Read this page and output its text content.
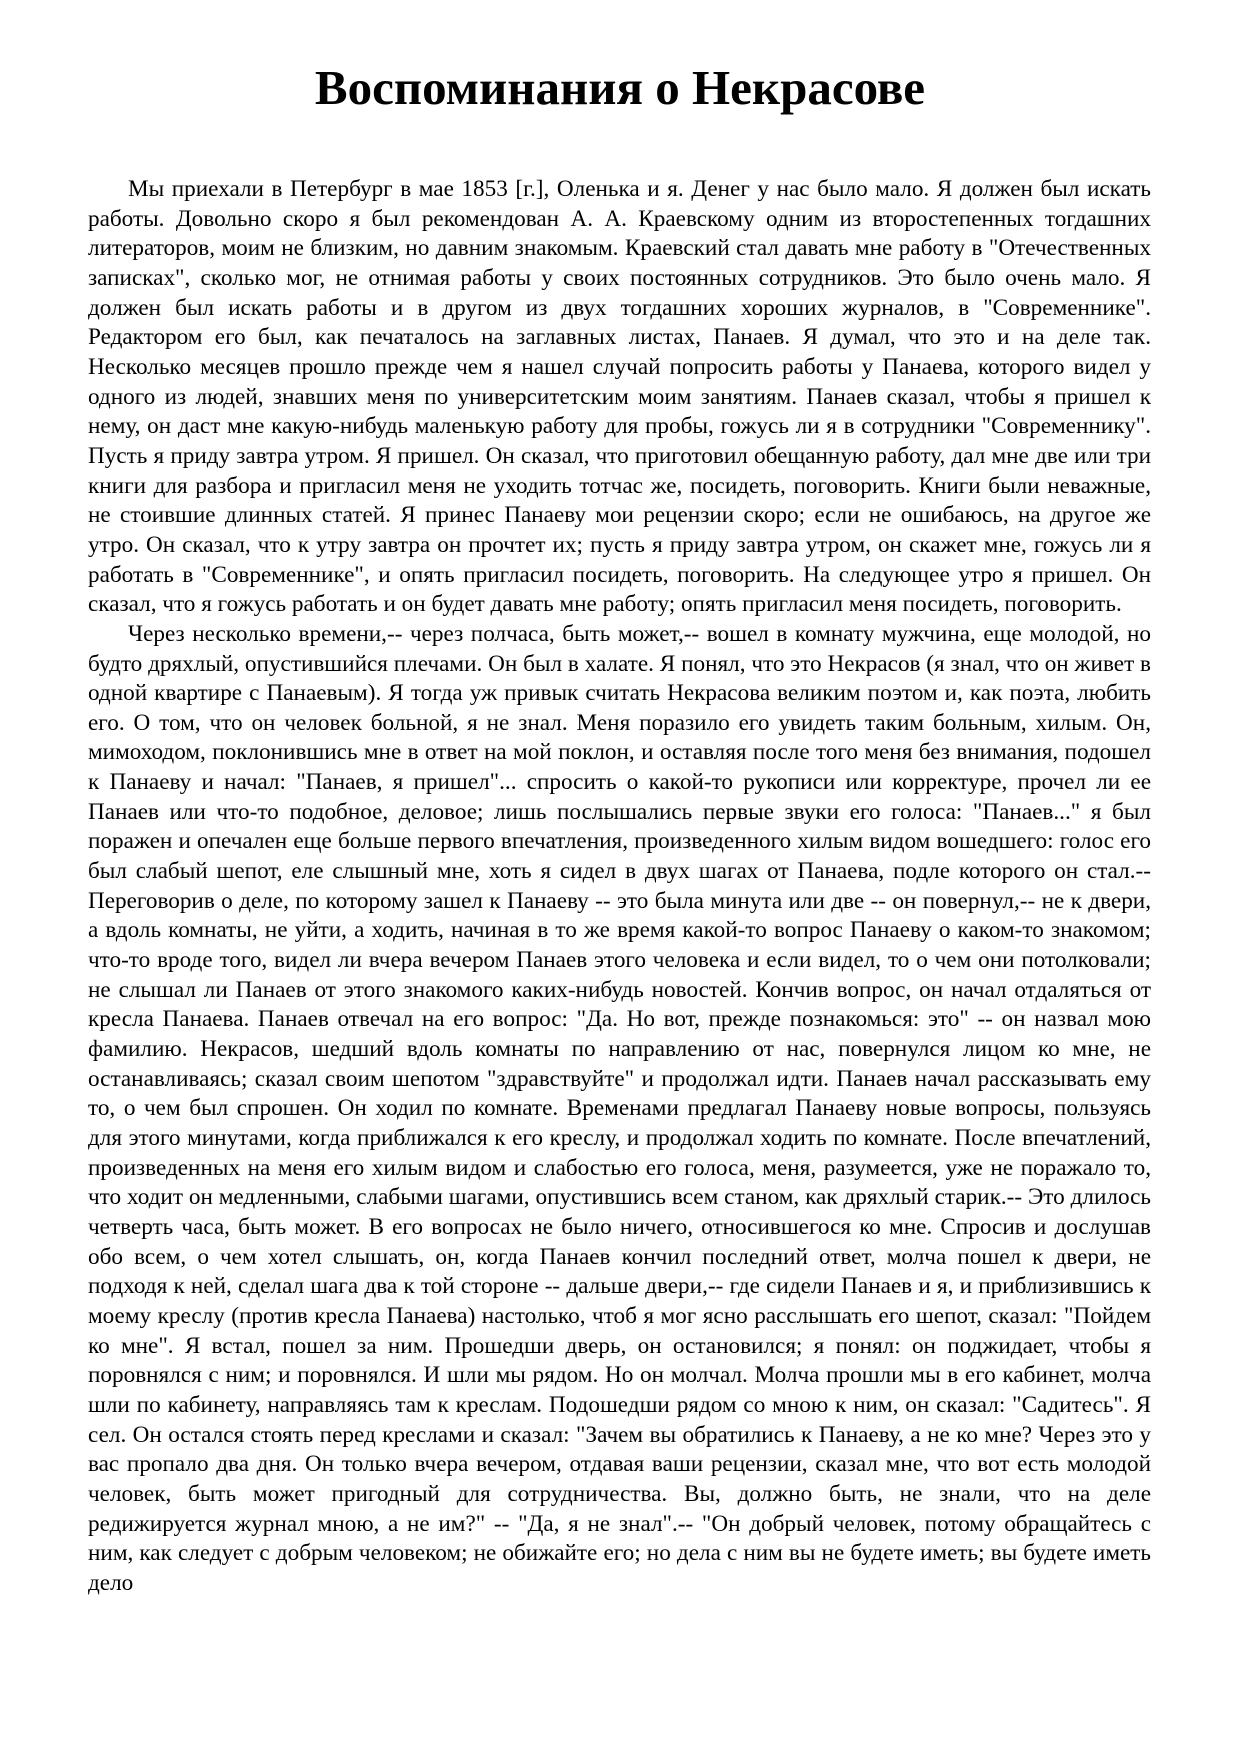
Воспоминания о Некрасове

Мы приехали в Петербург в мае 1853 [г.], Оленька и я. Денег у нас было мало. Я должен был искать работы. Довольно скоро я был рекомендован А. А. Краевскому одним из второстепенных тогдашних литераторов, моим не близким, но давним знакомым. Краевский стал давать мне работу в "Отечественных записках", сколько мог, не отнимая работы у своих постоянных сотрудников. Это было очень мало. Я должен был искать работы и в другом из двух тогдашних хороших журналов, в "Современнике". Редактором его был, как печаталось на заглавных листах, Панаев. Я думал, что это и на деле так. Несколько месяцев прошло прежде чем я нашел случай попросить работы у Панаева, которого видел у одного из людей, знавших меня по университетским моим занятиям. Панаев сказал, чтобы я пришел к нему, он даст мне какую-нибудь маленькую работу для пробы, гожусь ли я в сотрудники "Современнику". Пусть я приду завтра утром. Я пришел. Он сказал, что приготовил обещанную работу, дал мне две или три книги для разбора и пригласил меня не уходить тотчас же, посидеть, поговорить. Книги были неважные, не стоившие длинных статей. Я принес Панаеву мои рецензии скоро; если не ошибаюсь, на другое же утро. Он сказал, что к утру завтра он прочтет их; пусть я приду завтра утром, он скажет мне, гожусь ли я работать в "Современнике", и опять пригласил посидеть, поговорить. На следующее утро я пришел. Он сказал, что я гожусь работать и он будет давать мне работу; опять пригласил меня посидеть, поговорить.

Через несколько времени,-- через полчаса, быть может,-- вошел в комнату мужчина, еще молодой, но будто дряхлый, опустившийся плечами. Он был в халате. Я понял, что это Некрасов (я знал, что он живет в одной квартире с Панаевым). Я тогда уж привык считать Некрасова великим поэтом и, как поэта, любить его. О том, что он человек больной, я не знал. Меня поразило его увидеть таким больным, хилым. Он, мимоходом, поклонившись мне в ответ на мой поклон, и оставляя после того меня без внимания, подошел к Панаеву и начал: "Панаев, я пришел"... спросить о какой-то рукописи или корректуре, прочел ли ее Панаев или что-то подобное, деловое; лишь послышались первые звуки его голоса: "Панаев..." я был поражен и опечален еще больше первого впечатления, произведенного хилым видом вошедшего: голос его был слабый шепот, еле слышный мне, хоть я сидел в двух шагах от Панаева, подле которого он стал.-- Переговорив о деле, по которому зашел к Панаеву -- это была минута или две -- он повернул,-- не к двери, а вдоль комнаты, не уйти, а ходить, начиная в то же время какой-то вопрос Панаеву о каком-то знакомом; что-то вроде того, видел ли вчера вечером Панаев этого человека и если видел, то о чем они потолковали; не слышал ли Панаев от этого знакомого каких-нибудь новостей. Кончив вопрос, он начал отдаляться от кресла Панаева. Панаев отвечал на его вопрос: "Да. Но вот, прежде познакомься: это" -- он назвал мою фамилию. Некрасов, шедший вдоль комнаты по направлению от нас, повернулся лицом ко мне, не останавливаясь; сказал своим шепотом "здравствуйте" и продолжал идти. Панаев начал рассказывать ему то, о чем был спрошен. Он ходил по комнате. Временами предлагал Панаеву новые вопросы, пользуясь для этого минутами, когда приближался к его креслу, и продолжал ходить по комнате. После впечатлений, произведенных на меня его хилым видом и слабостью его голоса, меня, разумеется, уже не поражало то, что ходит он медленными, слабыми шагами, опустившись всем станом, как дряхлый старик.-- Это длилось четверть часа, быть может. В его вопросах не было ничего, относившегося ко мне. Спросив и дослушав обо всем, о чем хотел слышать, он, когда Панаев кончил последний ответ, молча пошел к двери, не подходя к ней, сделал шага два к той стороне -- дальше двери,-- где сидели Панаев и я, и приблизившись к моему креслу (против кресла Панаева) настолько, чтоб я мог ясно расслышать его шепот, сказал: "Пойдем ко мне". Я встал, пошел за ним. Прошедши дверь, он остановился; я понял: он поджидает, чтобы я поровнялся с ним; и поровнялся. И шли мы рядом. Но он молчал. Молча прошли мы в его кабинет, молча шли по кабинету, направляясь там к креслам. Подошедши рядом со мною к ним, он сказал: "Садитесь". Я сел. Он остался стоять перед креслами и сказал: "Зачем вы обратились к Панаеву, а не ко мне? Через это у вас пропало два дня. Он только вчера вечером, отдавая ваши рецензии, сказал мне, что вот есть молодой человек, быть может пригодный для сотрудничества. Вы, должно быть, не знали, что на деле редижируется журнал мною, а не им?" -- "Да, я не знал".-- "Он добрый человек, потому обращайтесь с ним, как следует с добрым человеком; не обижайте его; но дела с ним вы не будете иметь; вы будете иметь дело
